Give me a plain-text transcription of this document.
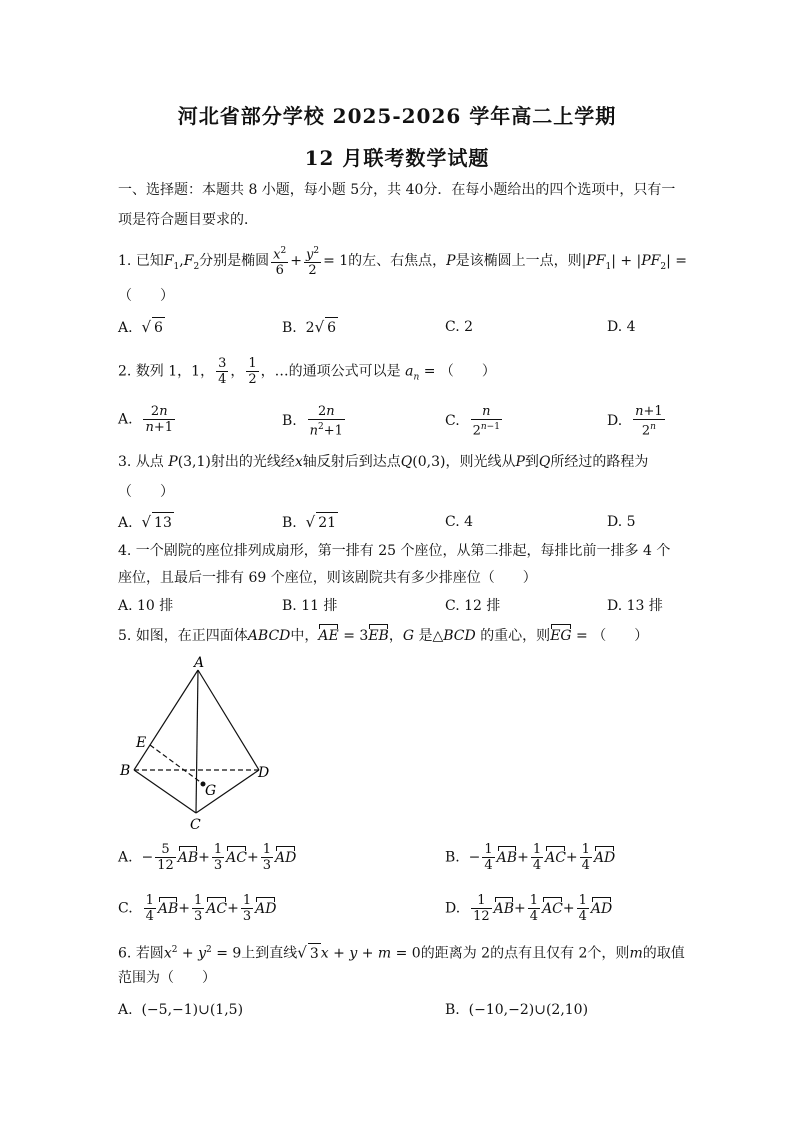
河北省部分学校 2025-2026 学年高二上学期
12 月联考数学试题
一、选择题：本题共 8 小题，每小题 5分，共 40分．在每小题给出的四个选项中，只有一
项是符合题目要求的．
1. 已知$F_1,F_2$分别是椭圆 $\frac{x^2}{6} + \frac{y^2}{2} = 1$的左、右焦点，P是该椭圆上一点，则$|PF_1| + |PF_2|$ =
（　　）
A. √ 6	B.  2√ 6	C. 2	D. 4
2. 数列 1，1， $\frac{3}{4}$ ， $\frac{1}{2}$ ，…的通项公式可以是 $a_n$ = （　　）
A. $\frac{2n}{n+1}$	B. $\frac{2n}{n^2+1}$	C. $\frac{n}{2^{n-1}}$	D. $\frac{n+1}{2^n}$
3. 从点 P(3,1)射出的光线经x轴反射后到达点Q(0,3)，则光线从P到Q所经过的路程为
（　　）
A. √ 13	B. √ 21	C. 4	D. 5
4. 一个剧院的座位排列成扇形，第一排有 25 个座位，从第二排起，每排比前一排多 4 个
座位，且最后一排有 69 个座位，则该剧院共有多少排座位（　　）
A. 10 排	B. 11 排	C. 12 排	D. 13 排
5. 如图，在正四面体ABCD中，AE = 3EB，G 是△BCD 的重心，则EG = （　　）
A
E
B	D
G
C
A.  − $\frac{5}{12} AB+ \frac{1}{3} AC+ \frac{1}{3}$ AD	B.  − $\frac{1}{4} AB+ \frac{1}{4} AC+ \frac{1}{4}$ AD
C. $\frac{1}{4} AB+ \frac{1}{3} AC+ \frac{1}{3}$ AD	D. $\frac{1}{12} AB+ \frac{1}{4} AC+ \frac{1}{4}$ AD
6. 若圆$x^2 + y^2 = 9$上到直线√ 3 x + y + m = 0的距离为 2的点有且仅有 2个，则m的取值
范围为（　　）
A. (−5,−1)∪(1,5)	B. (−10,−2)∪(2,10)
